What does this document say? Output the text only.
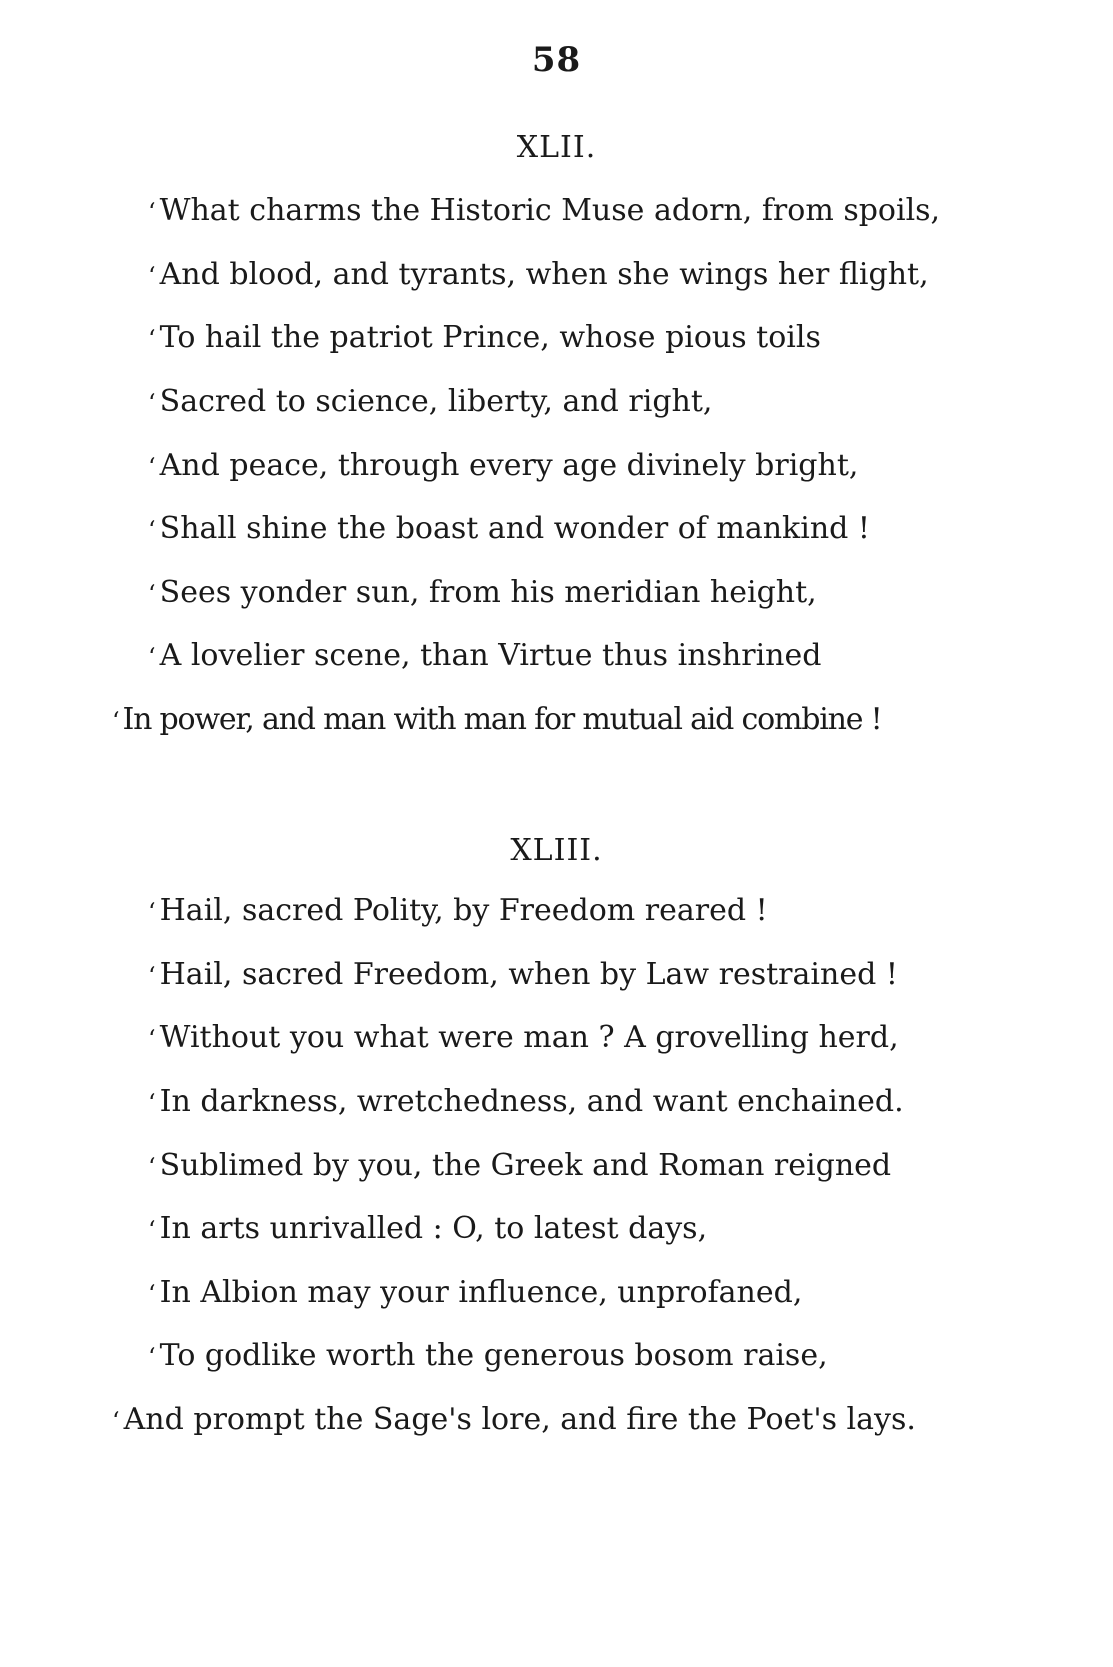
58
XLII.
‘ What charms the Historic Muse adorn, from spoils,
‘ And blood, and tyrants, when she wings her flight,
‘ To hail the patriot Prince, whose pious toils
‘ Sacred to science, liberty, and right,
‘ And peace, through every age divinely bright,
‘ Shall shine the boast and wonder of mankind !
‘ Sees yonder sun, from his meridian height,
‘ A lovelier scene, than Virtue thus inshrined
‘ In power, and man with man for mutual aid combine !
XLIII.
‘ Hail, sacred Polity, by Freedom reared !
‘ Hail, sacred Freedom, when by Law restrained !
‘ Without you what were man ? A grovelling herd,
‘ In darkness, wretchedness, and want enchained.
‘ Sublimed by you, the Greek and Roman reigned
‘ In arts unrivalled : O, to latest days,
‘ In Albion may your influence, unprofaned,
‘ To godlike worth the generous bosom raise,
‘ And prompt the Sage's lore, and fire the Poet's lays.
